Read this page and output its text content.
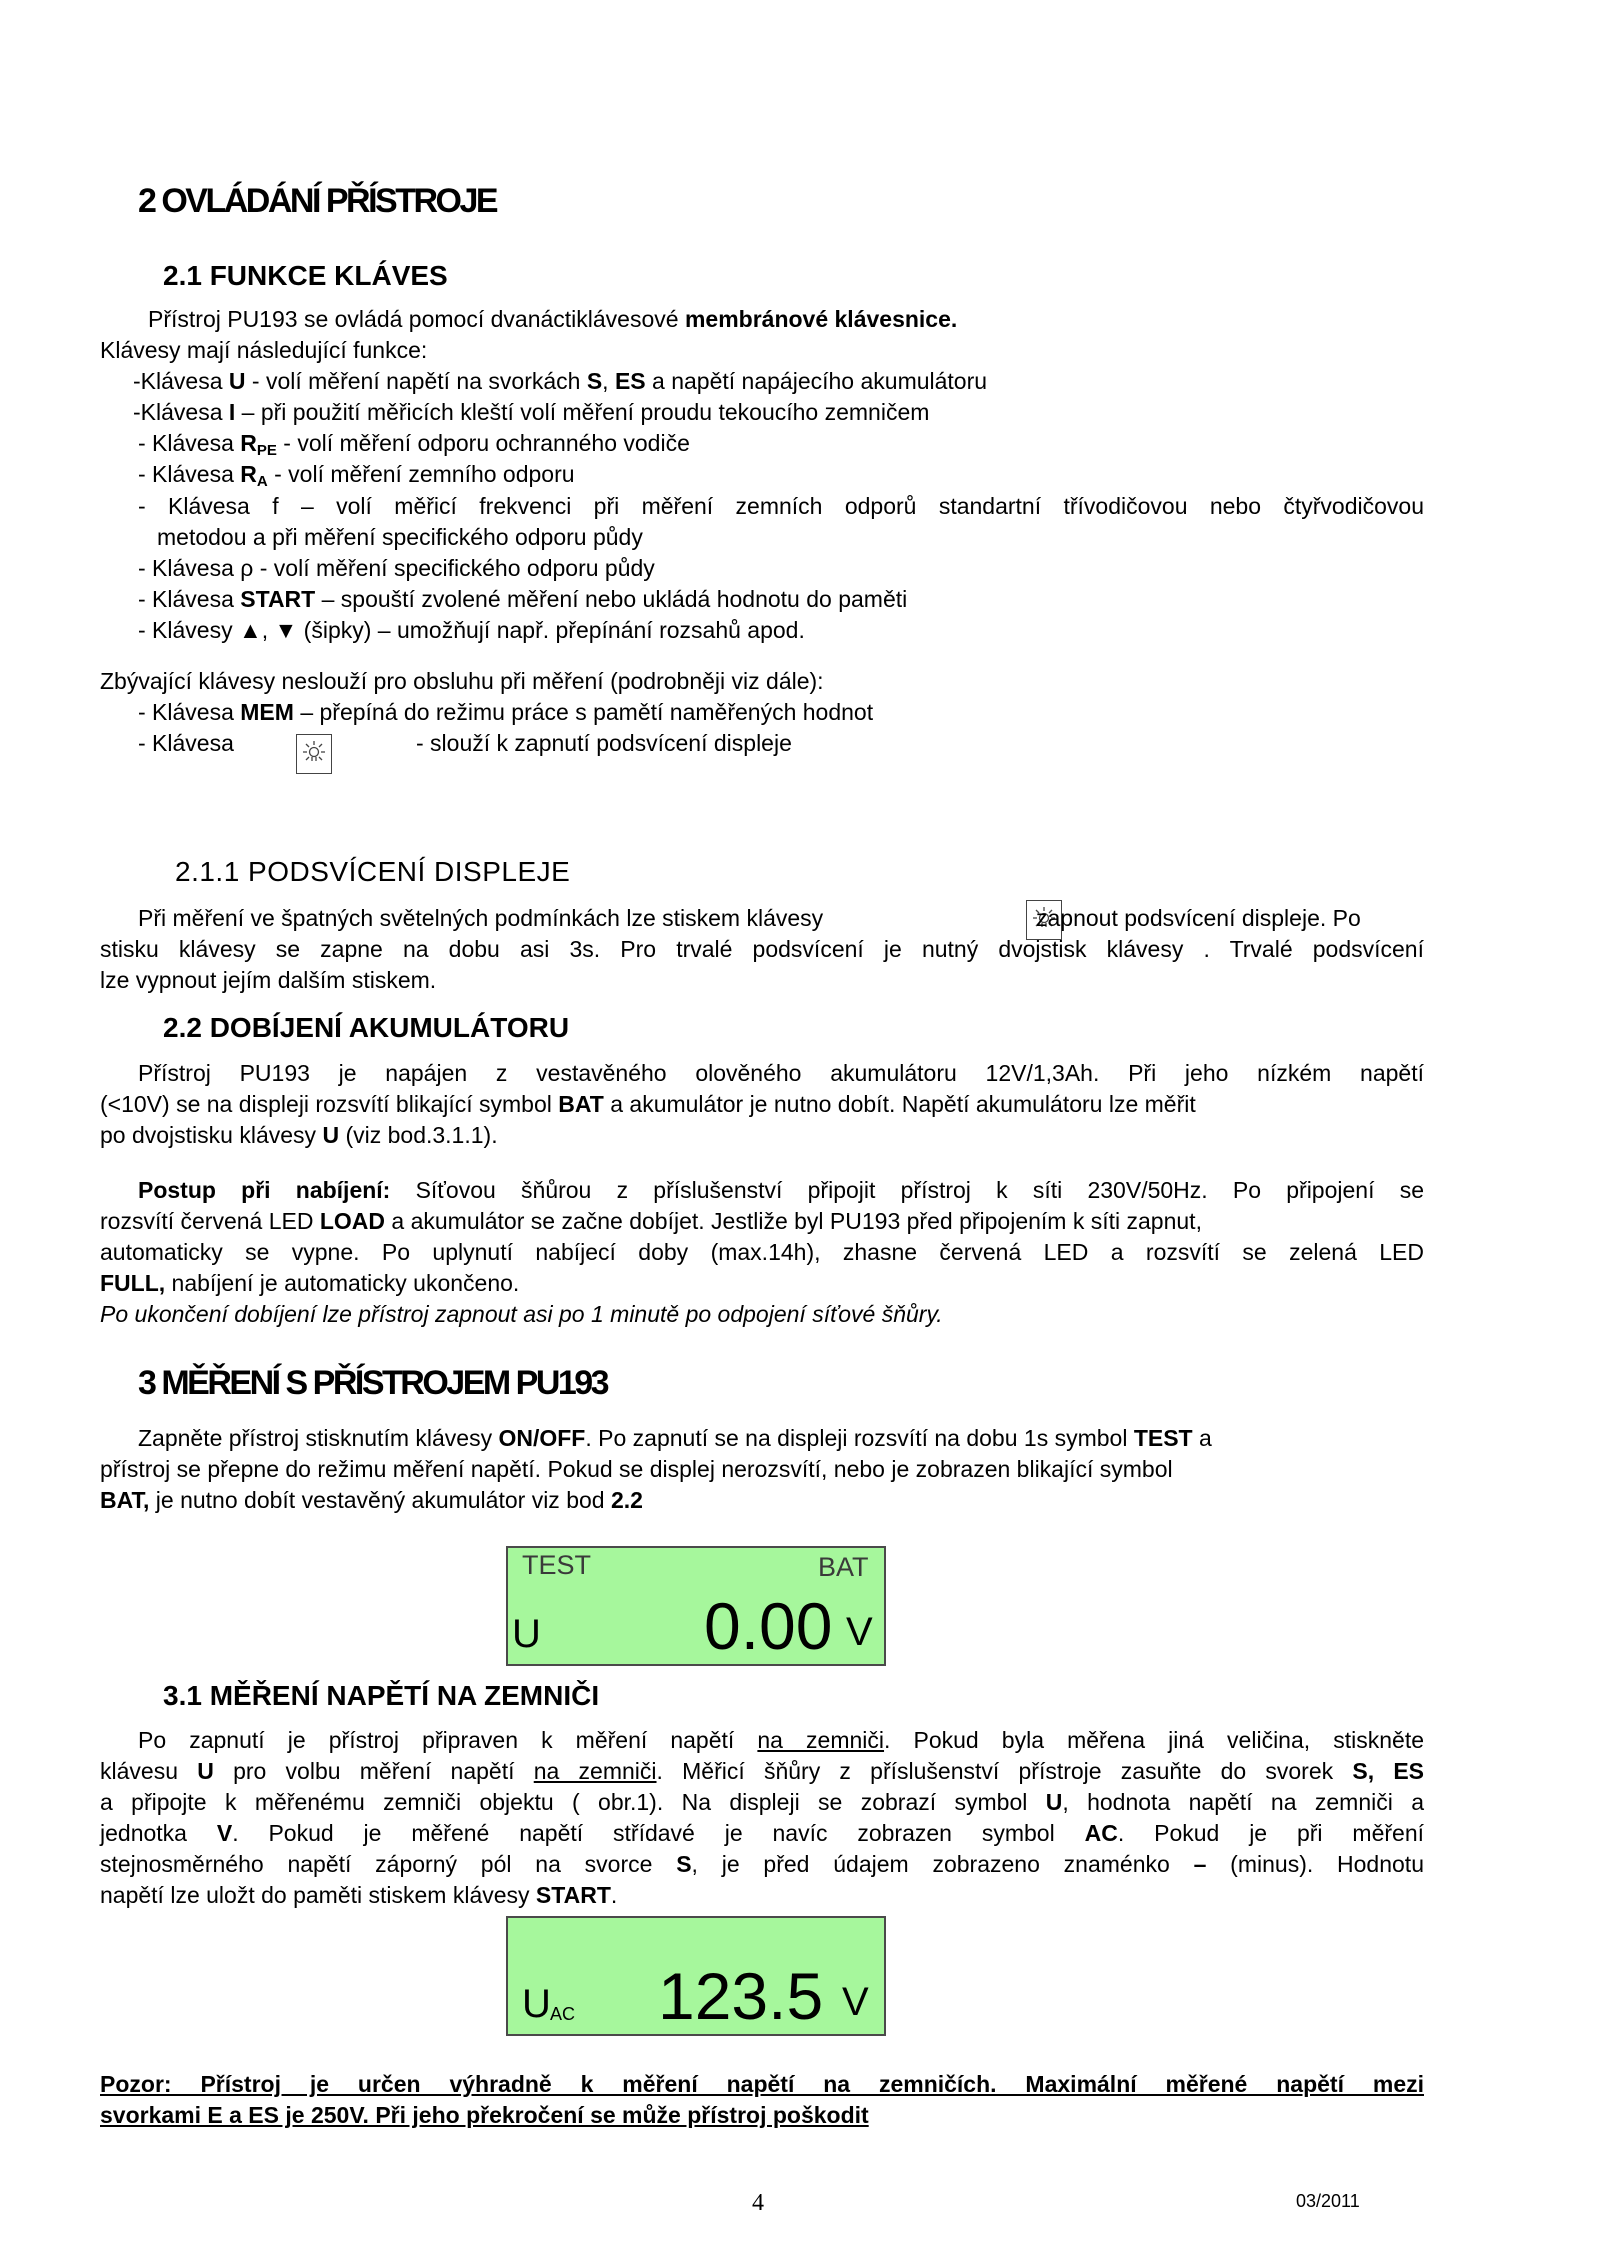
2 OVLÁDÁNÍ PŘÍSTROJE
2.1 FUNKCE KLÁVES
Přístroj PU193 se ovládá pomocí dvanáctiklávesové membránové klávesnice.
Klávesy mají následující funkce:
-Klávesa U - volí měření napětí na svorkách S, ES a napětí napájecího akumulátoru
-Klávesa I – při použití měřicích kleští volí měření proudu tekoucího zemničem
- Klávesa RPE - volí měření odporu ochranného vodiče
- Klávesa RA - volí měření zemního odporu
- Klávesa f – volí měřicí frekvenci při měření zemních odporů standartní třívodičovou nebo čtyřvodičovou
metodou a při měření specifického odporu půdy
- Klávesa ρ - volí měření specifického odporu půdy
- Klávesa START – spouští zvolené měření nebo ukládá hodnotu do paměti
- Klávesy ▲, ▼ (šipky) – umožňují např. přepínání rozsahů apod.
Zbývající klávesy neslouží pro obsluhu při měření (podrobněji viz dále):
- Klávesa MEM – přepíná do režimu práce s pamětí naměřených hodnot
- Klávesa
	- slouží k zapnutí podsvícení displeje
2.1.1 PODSVÍCENÍ DISPLEJE
Při měření ve špatných světelných podmínkách lze stiskem klávesy	zapnout podsvícení displeje. Po
stisku klávesy se zapne na dobu asi 3s. Pro trvalé podsvícení je nutný dvojstisk klávesy . Trvalé podsvícení
lze vypnout jejím dalším stiskem.
2.2 DOBÍJENÍ AKUMULÁTORU
Přístroj PU193 je napájen z vestavěného olověného akumulátoru 12V/1,3Ah. Při jeho nízkém napětí
(<10V) se na displeji rozsvítí blikající symbol BAT a akumulátor je nutno dobít. Napětí akumulátoru lze měřit
po dvojstisku klávesy U (viz bod.3.1.1).
Postup při nabíjení: Síťovou šňůrou z příslušenství připojit přístroj k síti 230V/50Hz. Po připojení se
rozsvítí červená LED LOAD a akumulátor se začne dobíjet. Jestliže byl PU193 před připojením k síti zapnut,
automaticky se vypne. Po uplynutí nabíjecí doby (max.14h), zhasne červená LED a rozsvítí se zelená LED
FULL, nabíjení je automaticky ukončeno.
Po ukončení dobíjení lze přístroj zapnout asi po 1 minutě po odpojení síťové šňůry.
3 MĚŘENÍ S PŘÍSTROJEM PU193
Zapněte přístroj stisknutím klávesy ON/OFF. Po zapnutí se na displeji rozsvítí na dobu 1s symbol TEST a
přístroj se přepne do režimu měření napětí. Pokud se displej nerozsvítí, nebo je zobrazen blikající symbol
BAT, je nutno dobít vestavěný akumulátor viz bod 2.2
TEST	BAT
U 0.00 V
3.1 MĚŘENÍ NAPĚTÍ NA ZEMNIČI
Po zapnutí je přístroj připraven k měření napětí na zemniči. Pokud byla měřena jiná veličina, stiskněte
klávesu U pro volbu měření napětí na zemniči. Měřicí šňůry z příslušenství přístroje zasuňte do svorek S, ES
a připojte k měřenému zemniči objektu ( obr.1). Na displeji se zobrazí symbol U, hodnota napětí na zemniči a
jednotka V. Pokud je měřené napětí střídavé je navíc zobrazen symbol AC. Pokud je při měření
stejnosměrného napětí záporný pól na svorce S, je před údajem zobrazeno znaménko – (minus). Hodnotu
napětí lze uložt do paměti stiskem klávesy START.
U AC 123.5 V
Pozor: Přístroj je určen výhradně k měření napětí na zemničích. Maximální měřené napětí mezi
svorkami E a ES je 250V. Při jeho překročení se může přístroj poškodit
4	03/2011
